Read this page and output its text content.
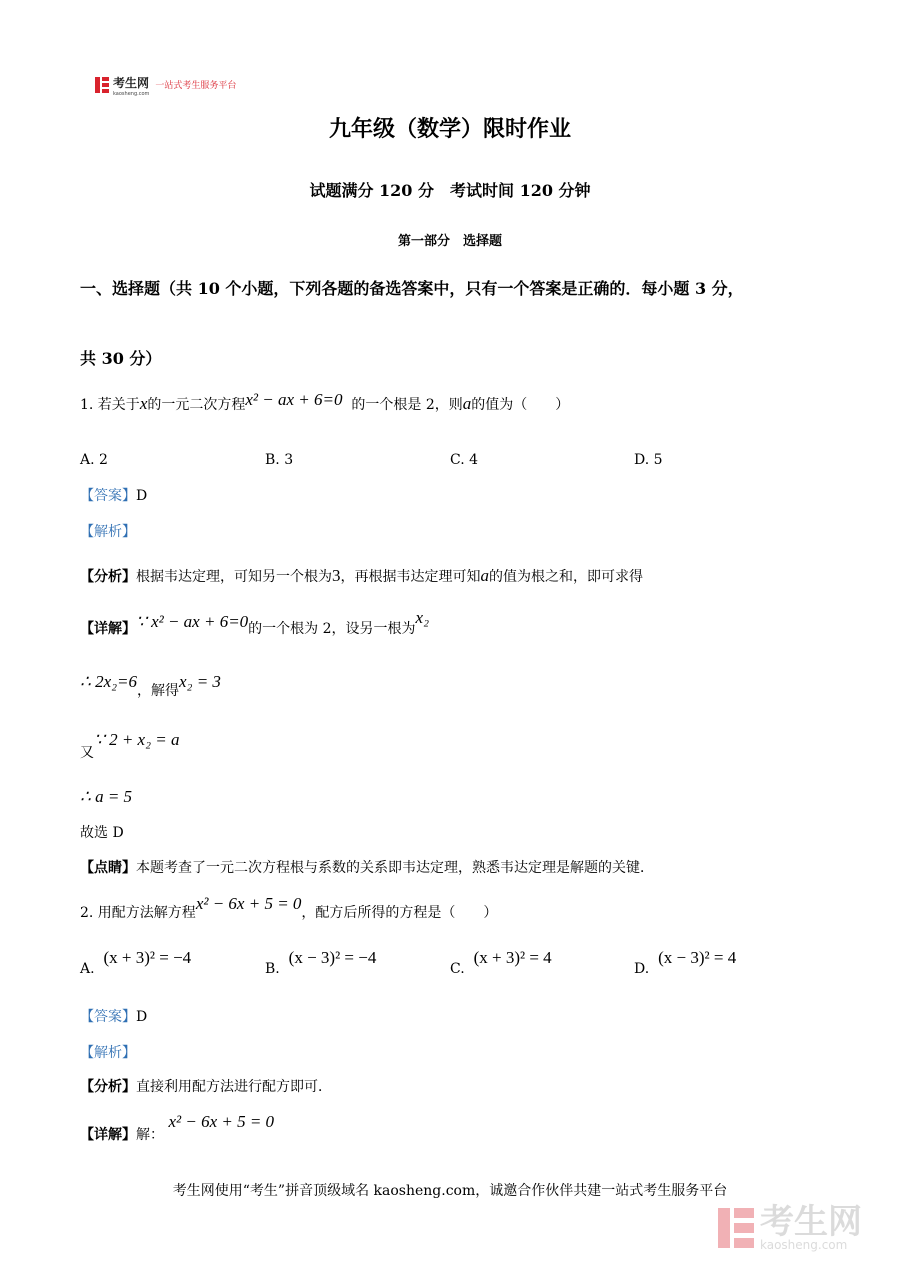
考生网
kaosheng.com
一站式考生服务平台
九年级（数学）限时作业
试题满分 120 分　考试时间 120 分钟
第一部分　选择题
一、选择题（共 10 个小题，下列各题的备选答案中，只有一个答案是正确的．每小题 3 分，
共 30 分）
1. 若关于x的一元二次方程x² − ax + 6=0 的一个根是 2，则a的值为（　　）
A. 2	B. 3	C. 4	D. 5
【答案】D
【解析】
【分析】根据韦达定理，可知另一个根为3，再根据韦达定理可知a的值为根之和，即可求得
【详解】∵ x² − ax + 6=0的一个根为 2，设另一根为x₂
∴ 2x₂=6，解得x₂ = 3
又∵ 2 + x₂ = a
∴ a = 5
故选 D
【点睛】本题考查了一元二次方程根与系数的关系即韦达定理，熟悉韦达定理是解题的关键．
2. 用配方法解方程x² − 6x + 5 = 0，配方后所得的方程是（　　）
A.  (x + 3)² = −4
B.  (x − 3)² = −4
C.  (x + 3)² = 4
D.  (x − 3)² = 4
【答案】D
【解析】
【分析】直接利用配方法进行配方即可．
【详解】解： x² − 6x + 5 = 0
考生网使用“考生”拼音顶级域名 kaosheng.com，诚邀合作伙伴共建一站式考生服务平台
考生网
kaosheng.com
